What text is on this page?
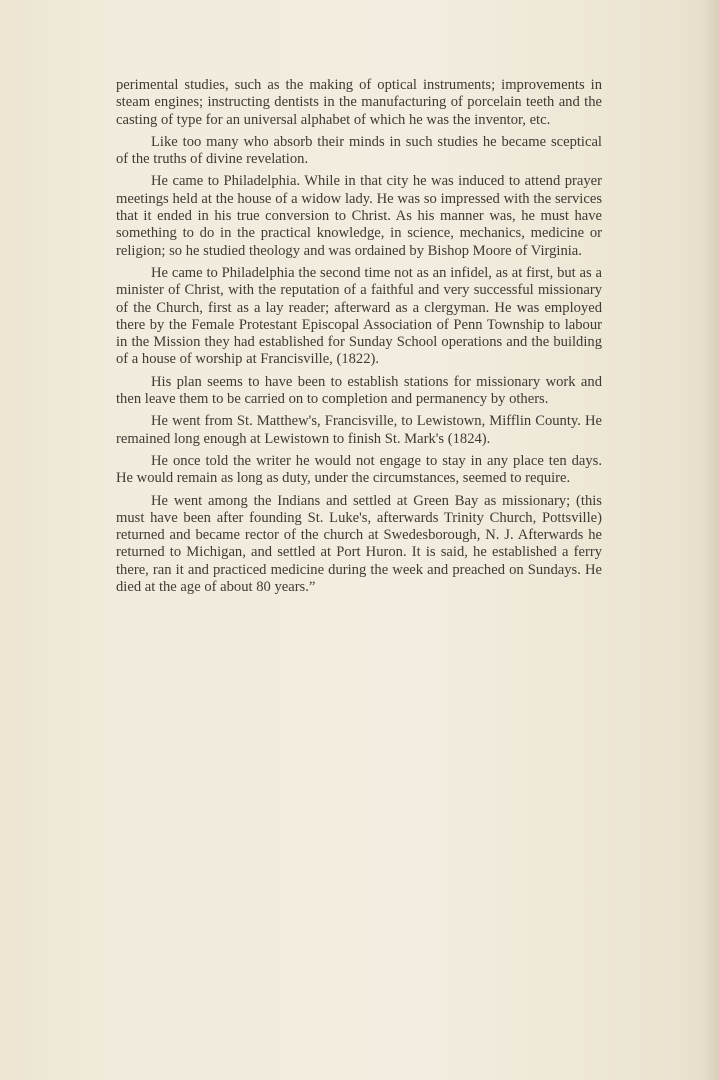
perimental studies, such as the making of optical instruments; improvements in steam engines; instructing dentists in the manufacturing of porcelain teeth and the casting of type for an universal alphabet of which he was the inventor, etc.

Like too many who absorb their minds in such studies he became sceptical of the truths of divine revelation.

He came to Philadelphia. While in that city he was induced to attend prayer meetings held at the house of a widow lady. He was so impressed with the services that it ended in his true conversion to Christ. As his manner was, he must have something to do in the practical knowledge, in science, mechanics, medicine or religion; so he studied theology and was ordained by Bishop Moore of Virginia.

He came to Philadelphia the second time not as an infidel, as at first, but as a minister of Christ, with the reputation of a faithful and very successful missionary of the Church, first as a lay reader; afterward as a clergyman. He was employed there by the Female Protestant Episcopal Association of Penn Township to labour in the Mission they had established for Sunday School operations and the building of a house of worship at Francisville, (1822).

His plan seems to have been to establish stations for missionary work and then leave them to be carried on to completion and permanency by others.

He went from St. Matthew's, Francisville, to Lewistown, Mifflin County. He remained long enough at Lewistown to finish St. Mark's (1824).

He once told the writer he would not engage to stay in any place ten days. He would remain as long as duty, under the circumstances, seemed to require.

He went among the Indians and settled at Green Bay as missionary; (this must have been after founding St. Luke's, afterwards Trinity Church, Pottsville) returned and became rector of the church at Swedesborough, N. J. Afterwards he returned to Michigan, and settled at Port Huron. It is said, he established a ferry there, ran it and practiced medicine during the week and preached on Sundays. He died at the age of about 80 years.”
